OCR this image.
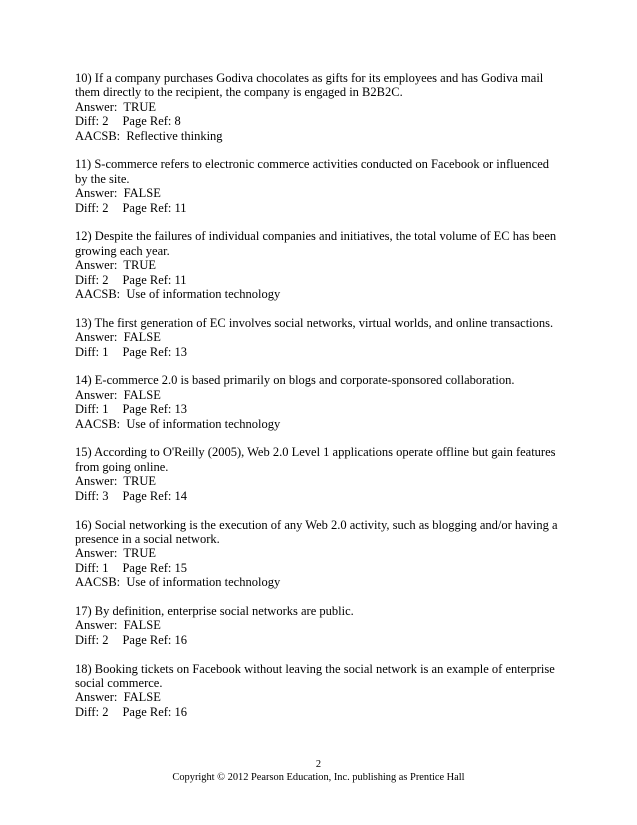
10) If a company purchases Godiva chocolates as gifts for its employees and has Godiva mail them directly to the recipient, the company is engaged in B2B2C.
Answer:  TRUE
Diff: 2 Page Ref: 8
AACSB:  Reflective thinking
11) S-commerce refers to electronic commerce activities conducted on Facebook or influenced by the site.
Answer:  FALSE
Diff: 2 Page Ref: 11
12) Despite the failures of individual companies and initiatives, the total volume of EC has been growing each year.
Answer:  TRUE
Diff: 2 Page Ref: 11
AACSB:  Use of information technology
13) The first generation of EC involves social networks, virtual worlds, and online transactions.
Answer:  FALSE
Diff: 1 Page Ref: 13
14) E-commerce 2.0 is based primarily on blogs and corporate-sponsored collaboration.
Answer:  FALSE
Diff: 1 Page Ref: 13
AACSB:  Use of information technology
15) According to O'Reilly (2005), Web 2.0 Level 1 applications operate offline but gain features from going online.
Answer:  TRUE
Diff: 3 Page Ref: 14
16) Social networking is the execution of any Web 2.0 activity, such as blogging and/or having a presence in a social network.
Answer:  TRUE
Diff: 1 Page Ref: 15
AACSB:  Use of information technology
17) By definition, enterprise social networks are public.
Answer:  FALSE
Diff: 2 Page Ref: 16
18) Booking tickets on Facebook without leaving the social network is an example of enterprise social commerce.
Answer:  FALSE
Diff: 2 Page Ref: 16
2
Copyright © 2012 Pearson Education, Inc. publishing as Prentice Hall
